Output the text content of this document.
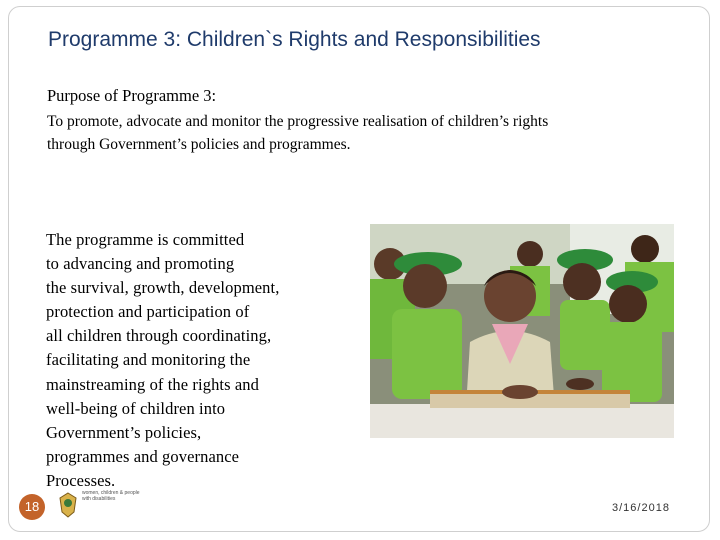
Programme 3: Children`s Rights and Responsibilities
Purpose of Programme 3:
To promote, advocate and monitor the progressive realisation of children’s rights
through Government’s policies and programmes.
The programme is committed
to advancing and promoting
the survival, growth, development,
protection and participation of
all children through coordinating,
facilitating and monitoring the
mainstreaming of the rights and
well-being of children into
Government’s policies,
programmes and governance
Processes.
18
women, children & people with disabilities
3/16/2018
